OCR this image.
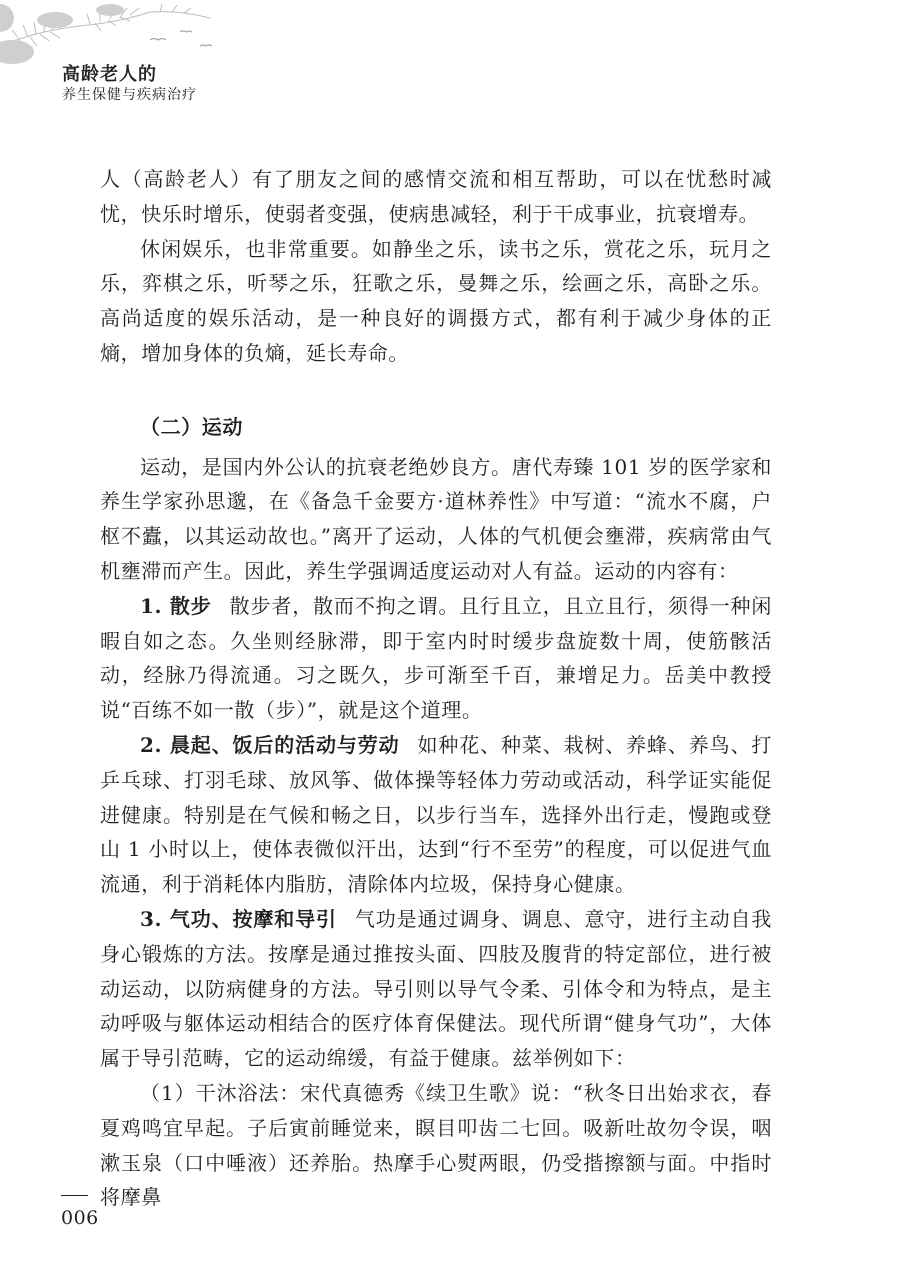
高龄老人的
养生保健与疾病治疗

人（高龄老人）有了朋友之间的感情交流和相互帮助，可以在忧愁时减忧，快乐时增乐，使弱者变强，使病患减轻，利于干成事业，抗衰增寿。

休闲娱乐，也非常重要。如静坐之乐，读书之乐，赏花之乐，玩月之乐，弈棋之乐，听琴之乐，狂歌之乐，曼舞之乐，绘画之乐，高卧之乐。高尚适度的娱乐活动，是一种良好的调摄方式，都有利于减少身体的正熵，增加身体的负熵，延长寿命。

（二）运动

运动，是国内外公认的抗衰老绝妙良方。唐代寿臻 101 岁的医学家和养生学家孙思邈，在《备急千金要方·道林养性》中写道：“流水不腐，户枢不蠹，以其运动故也。”离开了运动，人体的气机便会壅滞，疾病常由气机壅滞而产生。因此，养生学强调适度运动对人有益。运动的内容有：

1. 散步 散步者，散而不拘之谓。且行且立，且立且行，须得一种闲暇自如之态。久坐则经脉滞，即于室内时时缓步盘旋数十周，使筋骸活动，经脉乃得流通。习之既久，步可渐至千百，兼增足力。岳美中教授说“百练不如一散（步）”，就是这个道理。

2. 晨起、饭后的活动与劳动 如种花、种菜、栽树、养蜂、养鸟、打乒乓球、打羽毛球、放风筝、做体操等轻体力劳动或活动，科学证实能促进健康。特别是在气候和畅之日，以步行当车，选择外出行走，慢跑或登山 1 小时以上，使体表微似汗出，达到“行不至劳”的程度，可以促进气血流通，利于消耗体内脂肪，清除体内垃圾，保持身心健康。

3. 气功、按摩和导引 气功是通过调身、调息、意守，进行主动自我身心锻炼的方法。按摩是通过推按头面、四肢及腹背的特定部位，进行被动运动，以防病健身的方法。导引则以导气令柔、引体令和为特点，是主动呼吸与躯体运动相结合的医疗体育保健法。现代所谓“健身气功”，大体属于导引范畴，它的运动绵缓，有益于健康。兹举例如下：

（1）干沐浴法：宋代真德秀《续卫生歌》说：“秋冬日出始求衣，春夏鸡鸣宜早起。子后寅前睡觉来，瞑目叩齿二七回。吸新吐故勿令误，咽漱玉泉（口中唾液）还养胎。热摩手心熨两眼，仍受揩擦额与面。中指时将摩鼻

006
